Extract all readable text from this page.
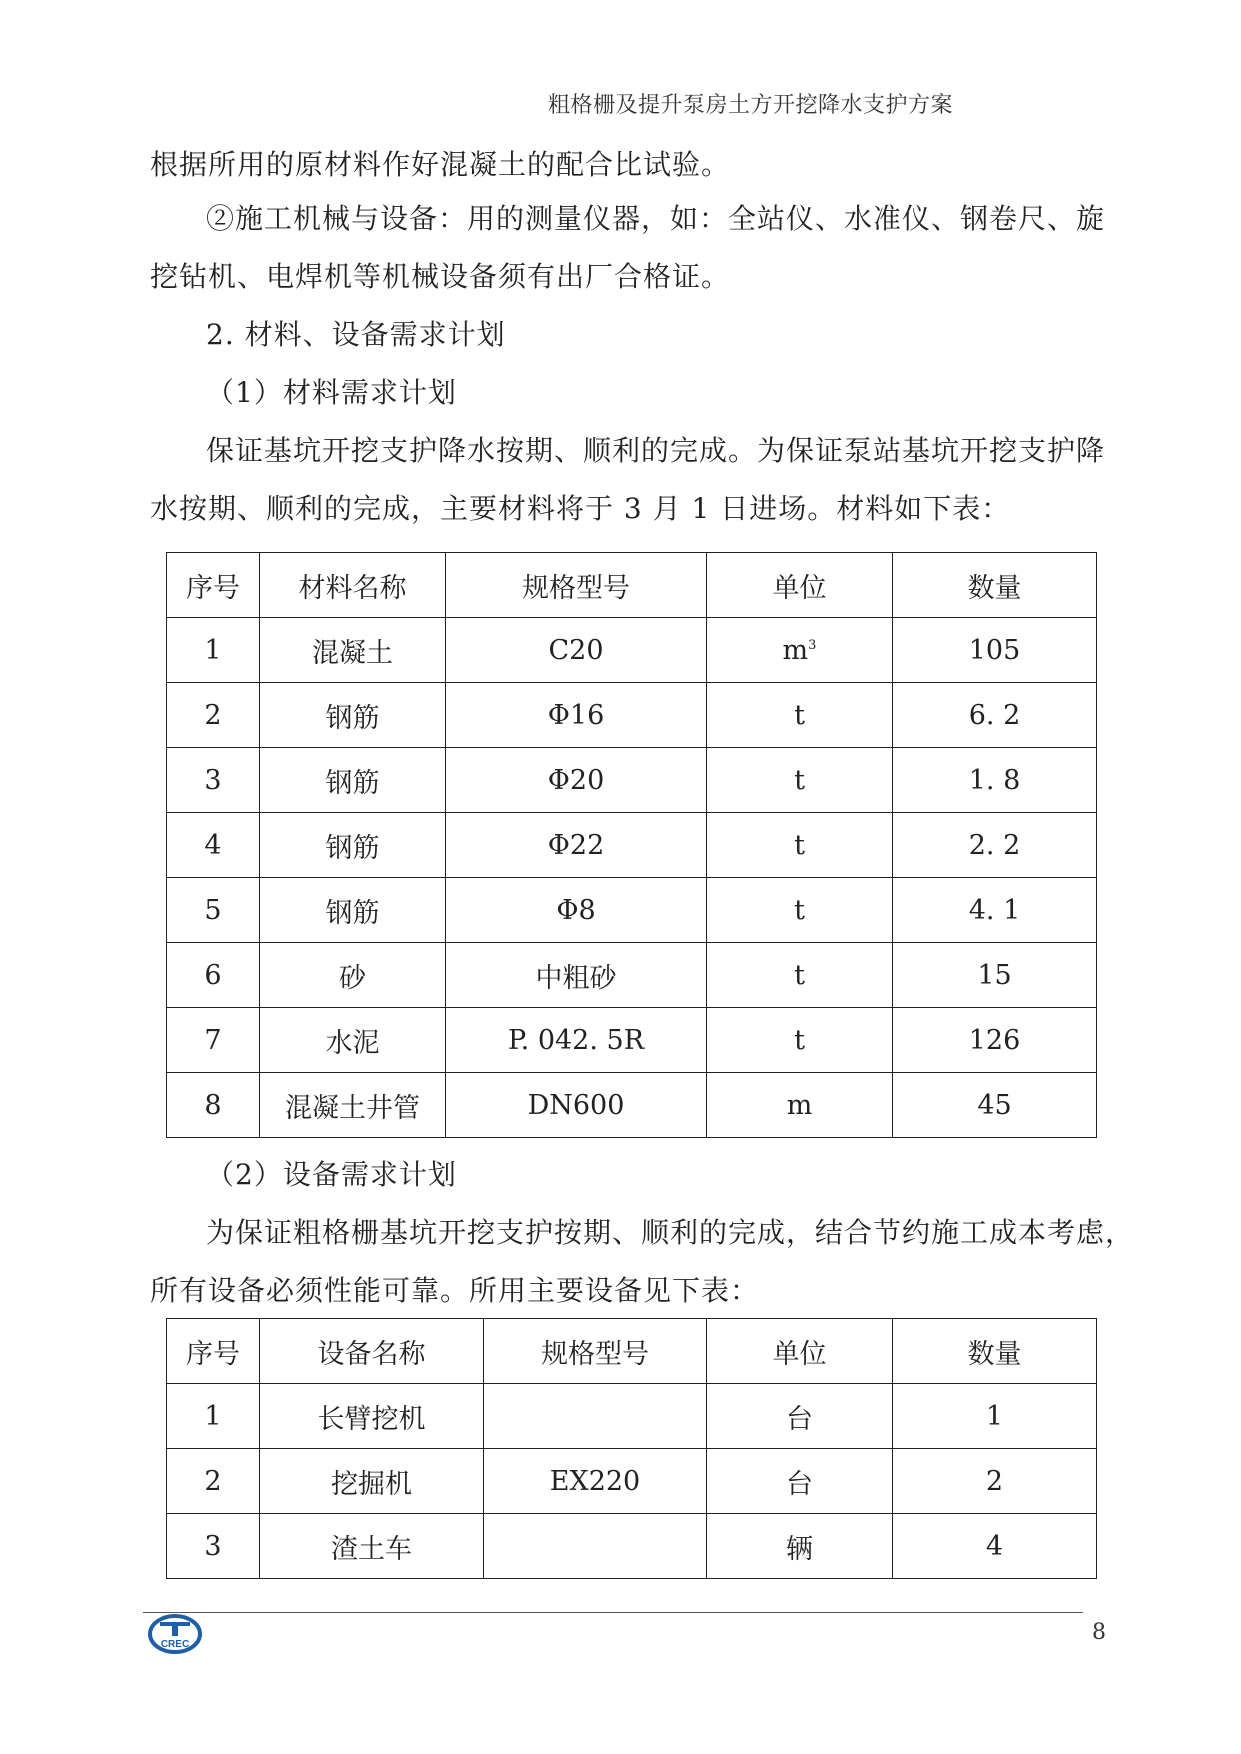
粗格栅及提升泵房土方开挖降水支护方案
根据所用的原材料作好混凝土的配合比试验。
②施工机械与设备：用的测量仪器，如：全站仪、水准仪、钢卷尺、旋
挖钻机、电焊机等机械设备须有出厂合格证。
2. 材料、设备需求计划
（1）材料需求计划
保证基坑开挖支护降水按期、顺利的完成。为保证泵站基坑开挖支护降
水按期、顺利的完成，主要材料将于 3 月 1 日进场。材料如下表：
序号	材料名称	规格型号	单位	数量
1	混凝土	C20	$m^3$	105
2	钢筋	Φ16	t	6. 2
3	钢筋	Φ20	t	1. 8
4	钢筋	Φ22	t	2. 2
5	钢筋	Φ8	t	4. 1
6	砂	中粗砂	t	15
7	水泥	P. 042. 5R	t	126
8	混凝土井管	DN600	m	45
（2）设备需求计划
为保证粗格栅基坑开挖支护按期、顺利的完成，结合节约施工成本考虑，
所有设备必须性能可靠。所用主要设备见下表：
序号	设备名称	规格型号	单位	数量
1	长臂挖机		台	1
2	挖掘机	EX220	台	2
3	渣土车		辆	4
CREC	8
